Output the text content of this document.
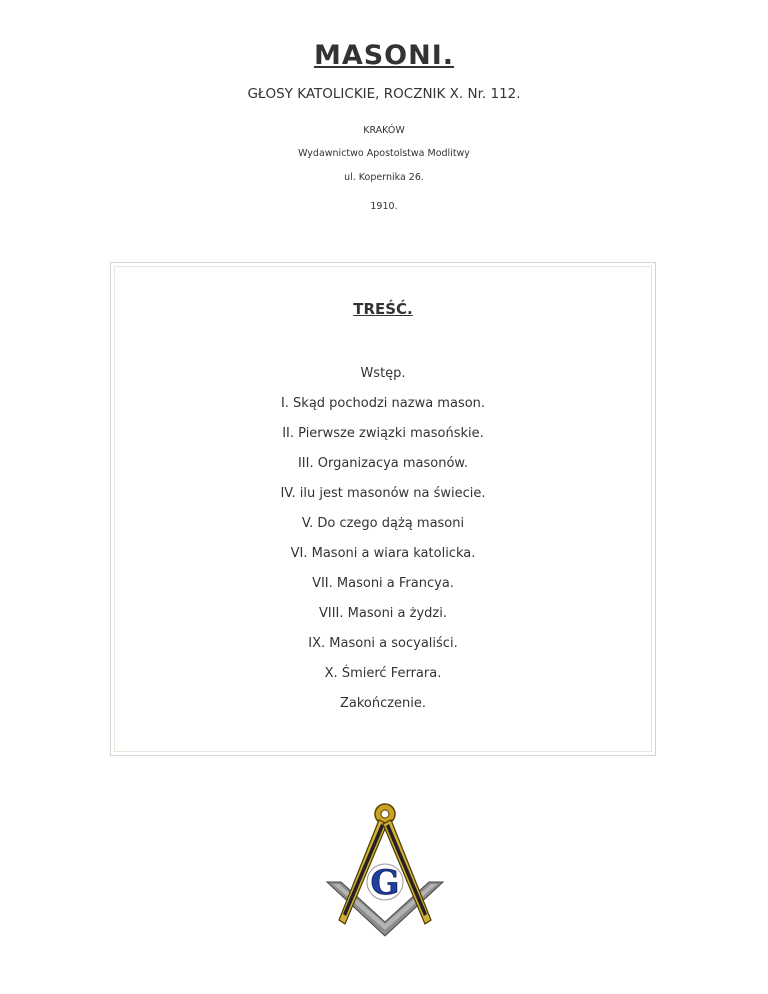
MASONI.

GŁOSY KATOLICKIE, ROCZNIK X. Nr. 112.

KRAKÓW

Wydawnictwo Apostolstwa Modlitwy

ul. Kopernika 26.

1910.

TREŚĆ.
Wstęp.
I. Skąd pochodzi nazwa mason.
II. Pierwsze związki masońskie.
III. Organizacya masonów.
IV. ilu jest masonów na świecie.
V. Do czego dążą masoni
VI. Masoni a wiara katolicka.
VII. Masoni a Francya.
VIII. Masoni a żydzi.
IX. Masoni a socyaliści.
X. Śmierć Ferrara.
Zakończenie.
G
